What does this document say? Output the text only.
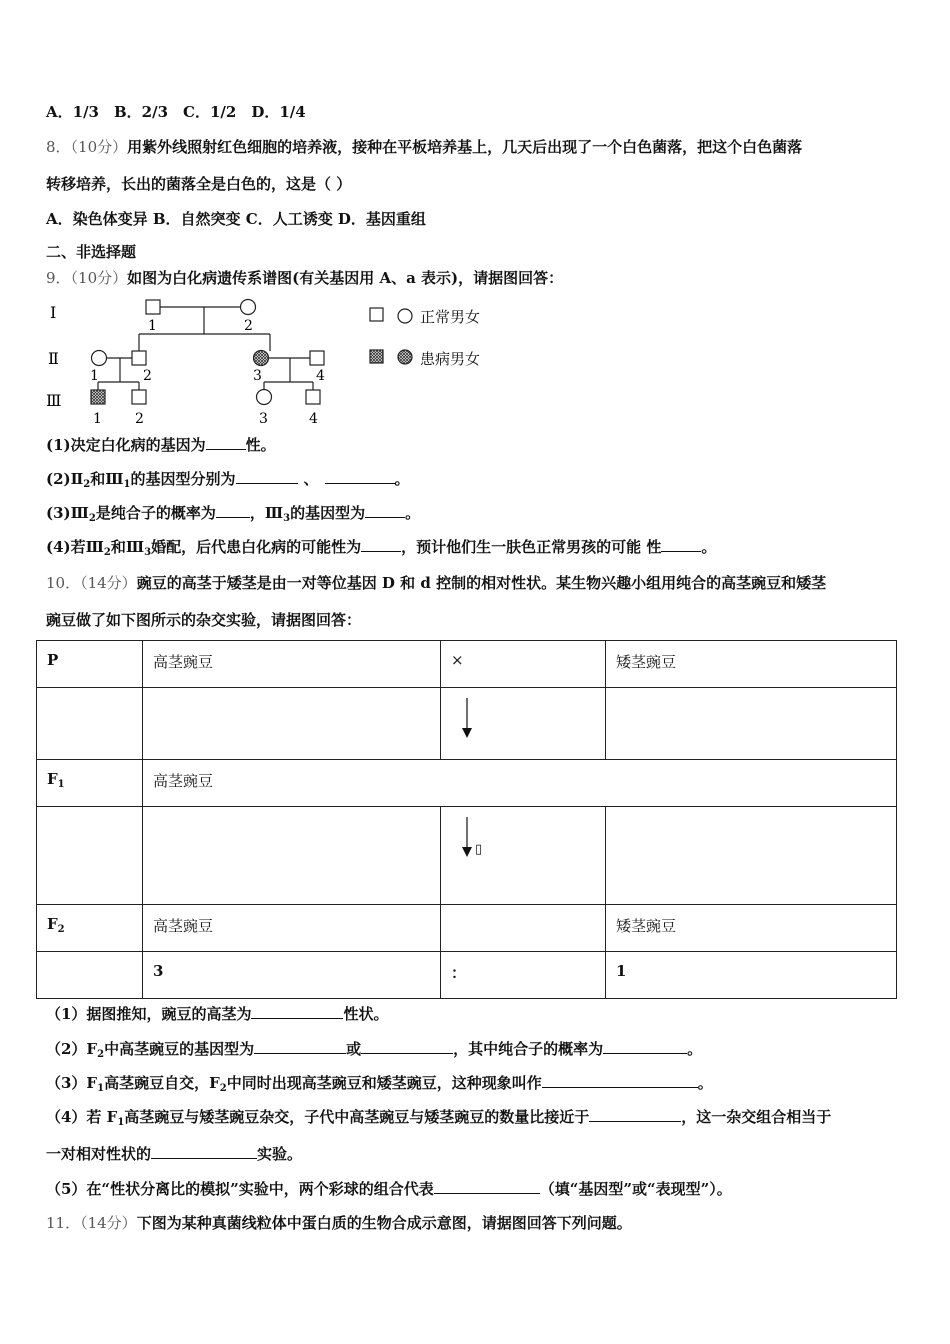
A．1/3　B．2/3　C．1/2　D．1/4
8．（10分）用紫外线照射红色细胞的培养液，接种在平板培养基上，几天后出现了一个白色菌落，把这个白色菌落
转移培养，长出的菌落全是白色的，这是（ ）
A．染色体变异 B．自然突变 C．人工诱变 D．基因重组
二、非选择题
9．（10分）如图为白化病遗传系谱图(有关基因用 A、a 表示)，请据图回答：
Ⅰ
Ⅱ
Ⅲ
1	2
1	2	3	4
1 2	3	4
正常男女
患病男女
(1)决定白化病的基因为	性。
$(2)Ⅱ_2$和$Ⅲ_1$的基因型分别为	、	。
$(3)Ⅲ_2$是纯合子的概率为 ，$Ⅲ_3$的基因型为	。
(4)若$Ⅲ_2$和$Ⅲ_3$婚配，后代患白化病的可能性为	，预计他们生一肤色正常男孩的可能 性	。
10．（14分）豌豆的高茎于矮茎是由一对等位基因 D 和 d 控制的相对性状。某生物兴趣小组用纯合的高茎豌豆和矮茎
豌豆做了如下图所示的杂交实验，请据图回答：
P	高茎豌豆	×	矮茎豌豆

$F_1$	高茎豌豆		

		▯	

$F_2$	高茎豌豆		矮茎豌豆
	3	：	1
（1）据图推知，豌豆的高茎为	性状。
$(2)F_2$中高茎豌豆的基因型为	或	，其中纯合子的概率为	。
$(3)F_1$高茎豌豆自交，$F_2$中同时出现高茎豌豆和矮茎豌豆，这种现象叫作	。
（4）若 $F_1$高茎豌豆与矮茎豌豆杂交，子代中高茎豌豆与矮茎豌豆的数量比接近于	，这一杂交组合相当于
一对相对性状的	实验。
（5）在“性状分离比的模拟”实验中，两个彩球的组合代表	（填“基因型”或“表现型”）。
11．（14分）下图为某种真菌线粒体中蛋白质的生物合成示意图，请据图回答下列问题。
